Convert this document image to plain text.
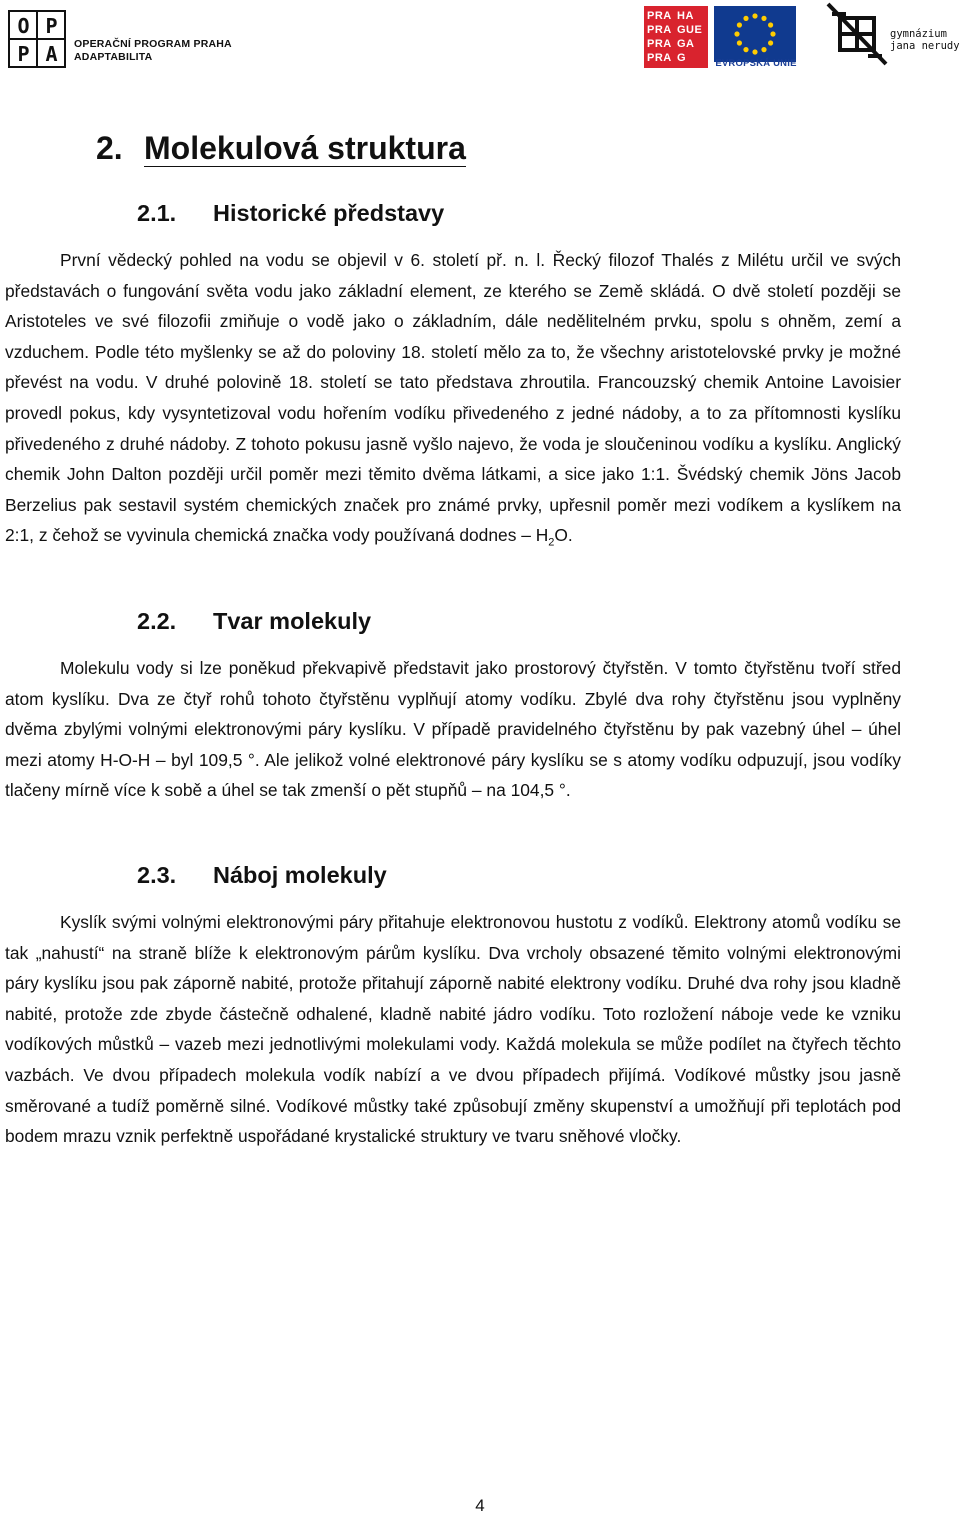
O P
P A	OPERAČNÍ PROGRAM PRAHA
ADAPTABILITA
PRA HA
PRA GUE
PRA GA
PRA G	EVROPSKÁ UNIE
gymnázium
jana nerudy
2. Molekulová struktura
2.1. Historické představy

První vědecký pohled na vodu se objevil v 6. století př. n. l. Řecký filozof Thalés z Milétu určil ve svých představách o fungování světa vodu jako základní element, ze kterého se Země skládá. O dvě století později se Aristoteles ve své filozofii zmiňuje o vodě jako o základním, dále nedělitelném prvku, spolu s ohněm, zemí a vzduchem. Podle této myšlenky se až do poloviny 18. století mělo za to, že všechny aristotelovské prvky je možné převést na vodu. V druhé polovině 18. století se tato představa zhroutila. Francouzský chemik Antoine Lavoisier provedl pokus, kdy vysyntetizoval vodu hořením vodíku přivedeného z jedné nádoby, a to za přítomnosti kyslíku přivedeného z druhé nádoby. Z tohoto pokusu jasně vyšlo najevo, že voda je sloučeninou vodíku a kyslíku. Anglický chemik John Dalton později určil poměr mezi těmito dvěma látkami, a sice jako 1:1. Švédský chemik Jöns Jacob Berzelius pak sestavil systém chemických značek pro známé prvky, upřesnil poměr mezi vodíkem a kyslíkem na 2:1, z čehož se vyvinula chemická značka vody používaná dodnes – $H_2O$.

2.2. Tvar molekuly

Molekulu vody si lze poněkud překvapivě představit jako prostorový čtyřstěn. V tomto čtyřstěnu tvoří střed atom kyslíku. Dva ze čtyř rohů tohoto čtyřstěnu vyplňují atomy vodíku. Zbylé dva rohy čtyřstěnu jsou vyplněny dvěma zbylými volnými elektronovými páry kyslíku. V případě pravidelného čtyřstěnu by pak vazebný úhel – úhel mezi atomy H-O-H – byl 109,5 °. Ale jelikož volné elektronové páry kyslíku se s atomy vodíku odpuzují, jsou vodíky tlačeny mírně více k sobě a úhel se tak zmenší o pět stupňů – na 104,5 °.

2.3. Náboj molekuly

Kyslík svými volnými elektronovými páry přitahuje elektronovou hustotu z vodíků. Elektrony atomů vodíku se tak „nahustí“ na straně blíže k elektronovým párům kyslíku. Dva vrcholy obsazené těmito volnými elektronovými páry kyslíku jsou pak záporně nabité, protože přitahují záporně nabité elektrony vodíku. Druhé dva rohy jsou kladně nabité, protože zde zbyde částečně odhalené, kladně nabité jádro vodíku. Toto rozložení náboje vede ke vzniku vodíkových můstků – vazeb mezi jednotlivými molekulami vody. Každá molekula se může podílet na čtyřech těchto vazbách. Ve dvou případech molekula vodík nabízí a ve dvou případech přijímá. Vodíkové můstky jsou jasně směrované a tudíž poměrně silné. Vodíkové můstky také způsobují změny skupenství a umožňují při teplotách pod bodem mrazu vznik perfektně uspořádané krystalické struktury ve tvaru sněhové vločky.

4
